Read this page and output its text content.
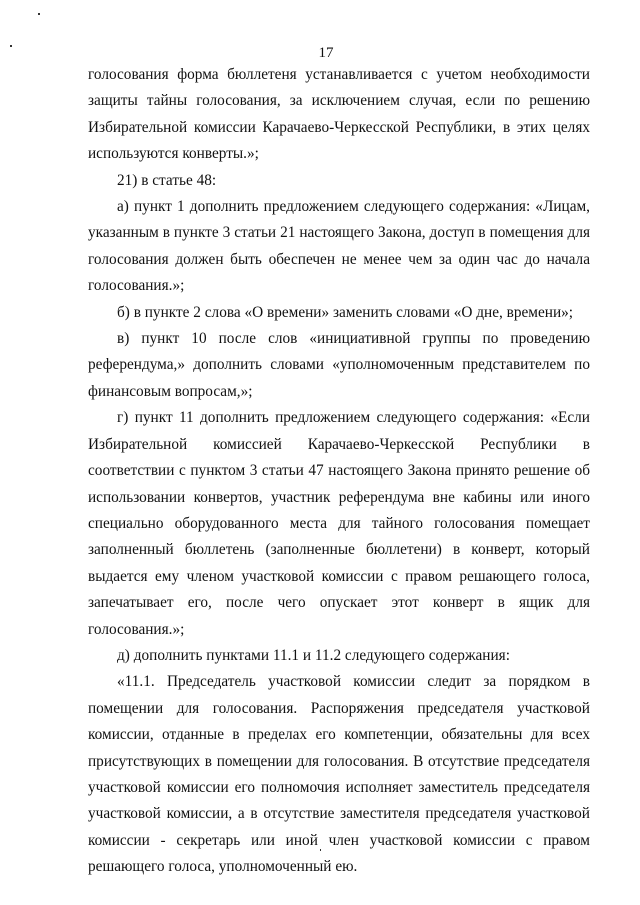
17

голосования форма бюллетеня устанавливается с учетом необходимости защиты тайны голосования, за исключением случая, если по решению Избирательной комиссии Карачаево-Черкесской Республики, в этих целях используются конверты.»;

21) в статье 48:

а) пункт 1 дополнить предложением следующего содержания: «Лицам, указанным в пункте 3 статьи 21 настоящего Закона, доступ в помещения для голосования должен быть обеспечен не менее чем за один час до начала голосования.»;

б) в пункте 2 слова «О времени» заменить словами «О дне, времени»;

в) пункт 10 после слов «инициативной группы по проведению референдума,» дополнить словами «уполномоченным представителем по финансовым вопросам,»;

г) пункт 11 дополнить предложением следующего содержания: «Если Избирательной комиссией Карачаево-Черкесской Республики в соответствии с пунктом 3 статьи 47 настоящего Закона принято решение об использовании конвертов, участник референдума вне кабины или иного специально оборудованного места для тайного голосования помещает заполненный бюллетень (заполненные бюллетени) в конверт, который выдается ему членом участковой комиссии с правом решающего голоса, запечатывает его, после чего опускает этот конверт в ящик для голосования.»;

д) дополнить пунктами 11.1 и 11.2 следующего содержания:

«11.1. Председатель участковой комиссии следит за порядком в помещении для голосования. Распоряжения председателя участковой комиссии, отданные в пределах его компетенции, обязательны для всех присутствующих в помещении для голосования. В отсутствие председателя участковой комиссии его полномочия исполняет заместитель председателя участковой комиссии, а в отсутствие заместителя председателя участковой комиссии - секретарь или иной член участковой комиссии с правом решающего голоса, уполномоченный ею.
